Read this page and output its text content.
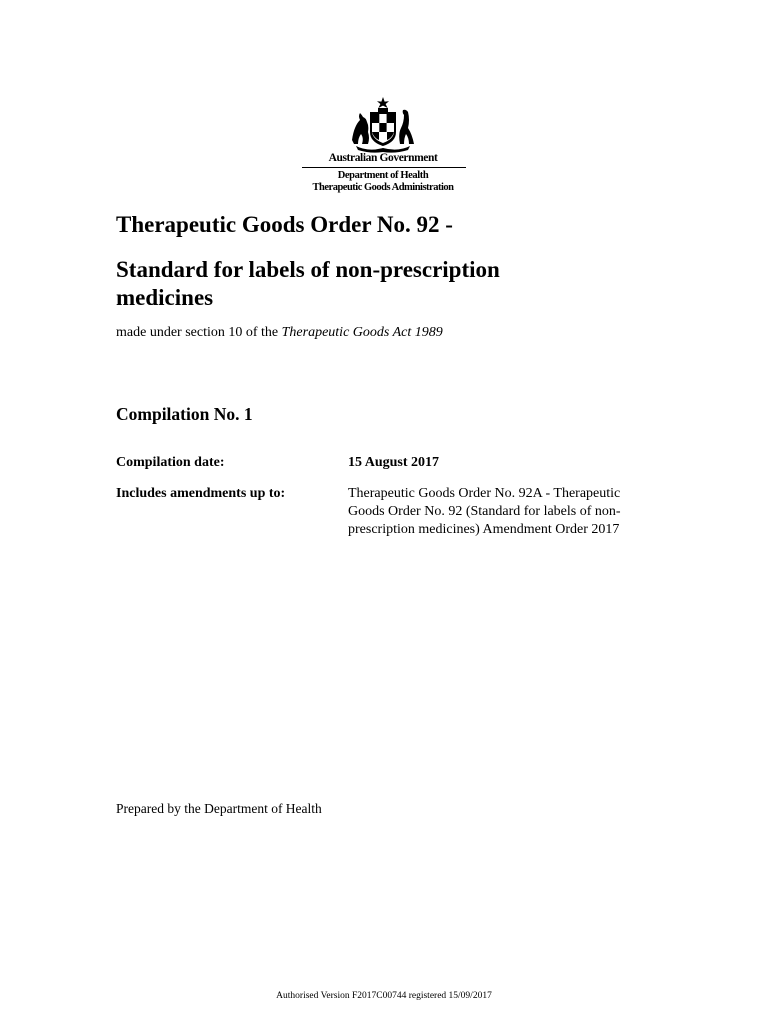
Australian Government
Department of Health
Therapeutic Goods Administration
Therapeutic Goods Order No. 92 -
Standard for labels of non-prescription medicines
made under section 10 of the Therapeutic Goods Act 1989
Compilation No. 1
Compilation date:	15 August 2017
Includes amendments up to:	Therapeutic Goods Order No. 92A - Therapeutic Goods Order No. 92 (Standard for labels of non-prescription medicines) Amendment Order 2017
Prepared by the Department of Health
Authorised Version F2017C00744 registered 15/09/2017
